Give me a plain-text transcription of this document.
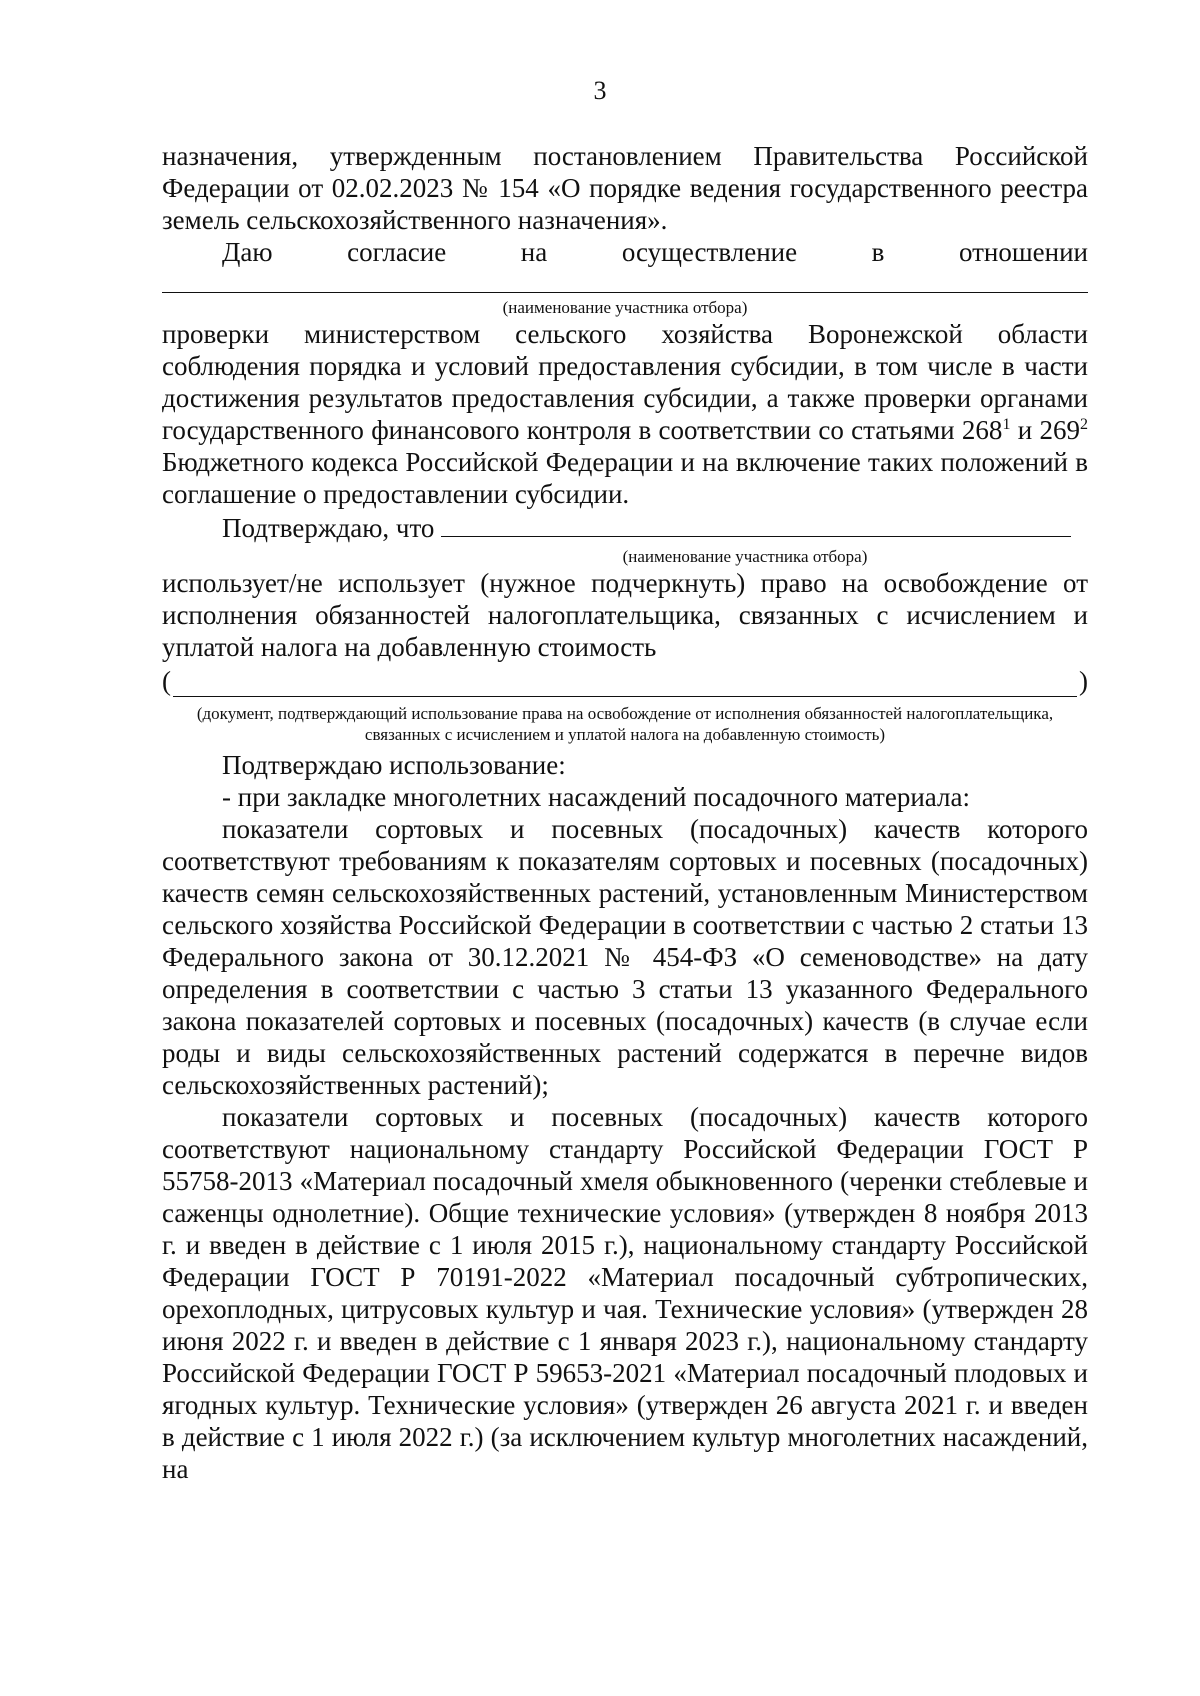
3

назначения, утвержденным постановлением Правительства Российской Федерации от 02.02.2023 № 154 «О порядке ведения государственного реестра земель сельскохозяйственного назначения».

Даю	согласие	на	осуществление	в	отношении
(наименование участника отбора)

проверки министерством сельского хозяйства Воронежской области соблюдения порядка и условий предоставления субсидии, в том числе в части достижения результатов предоставления субсидии, а также проверки органами государственного финансового контроля в соответствии со статьями $268^1$ и $269^2$ Бюджетного кодекса Российской Федерации и на включение таких положений в соглашение о предоставлении субсидии.

Подтверждаю, что

(наименование участника отбора)

использует/не использует (нужное подчеркнуть) право на освобождение от исполнения обязанностей налогоплательщика, связанных с исчислением и уплатой налога на добавленную стоимость

(	)
(документ, подтверждающий использование права на освобождение от исполнения обязанностей налогоплательщика, связанных с исчислением и уплатой налога на добавленную стоимость)

Подтверждаю использование:

- при закладке многолетних насаждений посадочного материала:

показатели сортовых и посевных (посадочных) качеств которого соответствуют требованиям к показателям сортовых и посевных (посадочных) качеств семян сельскохозяйственных растений, установленным Министерством сельского хозяйства Российской Федерации в соответствии с частью 2 статьи 13 Федерального закона от 30.12.2021 № 454-ФЗ «О семеноводстве» на дату определения в соответствии с частью 3 статьи 13 указанного Федерального закона показателей сортовых и посевных (посадочных) качеств (в случае если роды и виды сельскохозяйственных растений содержатся в перечне видов сельскохозяйственных растений);

показатели сортовых и посевных (посадочных) качеств которого соответствуют национальному стандарту Российской Федерации ГОСТ Р 55758-2013 «Материал посадочный хмеля обыкновенного (черенки стеблевые и саженцы однолетние). Общие технические условия» (утвержден 8 ноября 2013 г. и введен в действие с 1 июля 2015 г.), национальному стандарту Российской Федерации ГОСТ Р 70191-2022 «Материал посадочный субтропических, орехоплодных, цитрусовых культур и чая. Технические условия» (утвержден 28 июня 2022 г. и введен в действие с 1 января 2023 г.), национальному стандарту Российской Федерации ГОСТ Р 59653-2021 «Материал посадочный плодовых и ягодных культур. Технические условия» (утвержден 26 августа 2021 г. и введен в действие с 1 июля 2022 г.) (за исключением культур многолетних насаждений, на
